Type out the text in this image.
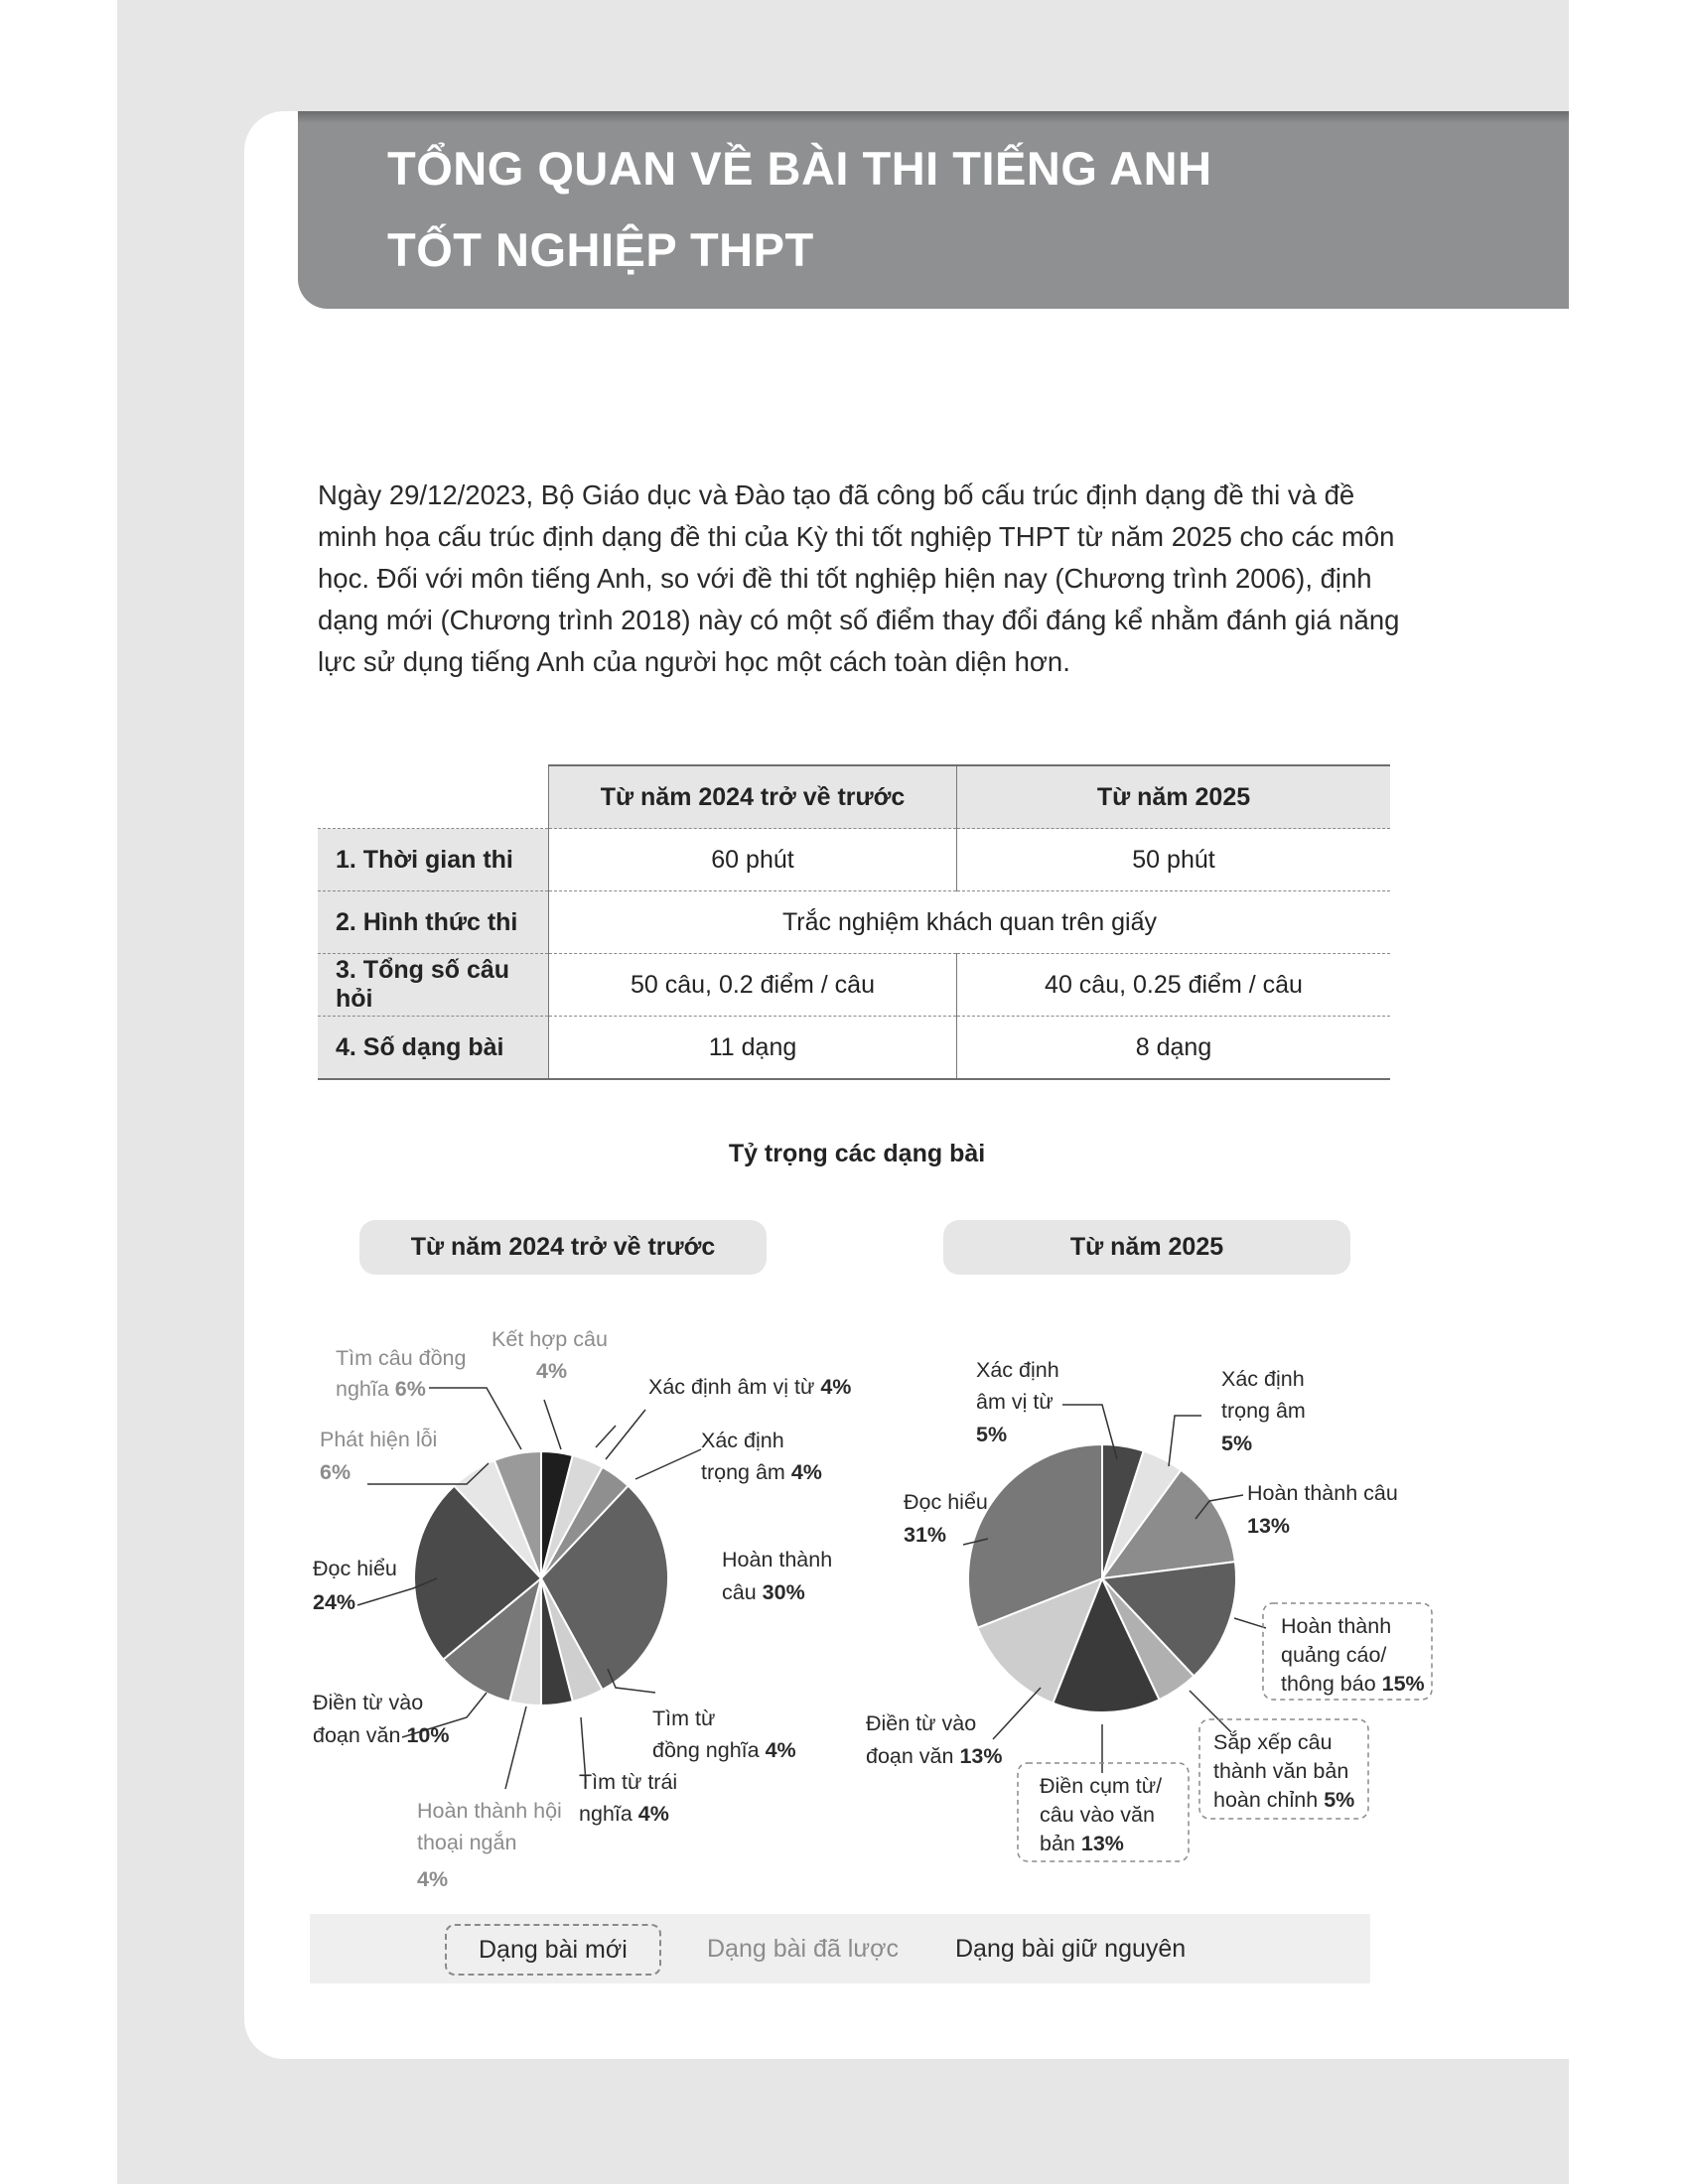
TỔNG QUAN VỀ BÀI THI TIẾNG ANH
TỐT NGHIỆP THPT

Ngày 29/12/2023, Bộ Giáo dục và Đào tạo đã công bố cấu trúc định dạng đề thi và đề minh họa cấu trúc định dạng đề thi của Kỳ thi tốt nghiệp THPT từ năm 2025 cho các môn học. Đối với môn tiếng Anh, so với đề thi tốt nghiệp hiện nay (Chương trình 2006), định dạng mới (Chương trình 2018) này có một số điểm thay đổi đáng kể nhằm đánh giá năng lực sử dụng tiếng Anh của người học một cách toàn diện hơn.

	Từ năm 2024 trở về trước	Từ năm 2025
1. Thời gian thi	60 phút	50 phút
2. Hình thức thi	Trắc nghiệm khách quan trên giấy	
3. Tổng số câu hỏi	50 câu, 0.2 điểm / câu	40 câu, 0.25 điểm / câu
4. Số dạng bài	11 dạng	8 dạng
Tỷ trọng các dạng bài
Từ năm 2024 trở về trước	Từ năm 2025
Tìm câu đồng nghĩa 6%
Kết hợp câu 4%
Xác định âm vị từ 4%
Phát hiện lỗi 6%
Xác định trọng âm 4%
Hoàn thành câu 30%
Đọc hiểu 24%
Điền từ vào đoạn văn 10%
Tìm từ đồng nghĩa 4%
Tìm từ trái nghĩa 4%
Hoàn thành hội thoại ngắn 4%
Xác định âm vị từ 5%
Xác định trọng âm 5%
Hoàn thành câu 13%
Đọc hiểu 31%
Hoàn thành quảng cáo/ thông báo 15%
Điền từ vào đoạn văn 13%
Sắp xếp câu thành văn bản hoàn chỉnh 5%
Điền cụm từ/ câu vào văn bản 13%
Dạng bài mới	Dạng bài đã lược Dạng bài giữ nguyên
